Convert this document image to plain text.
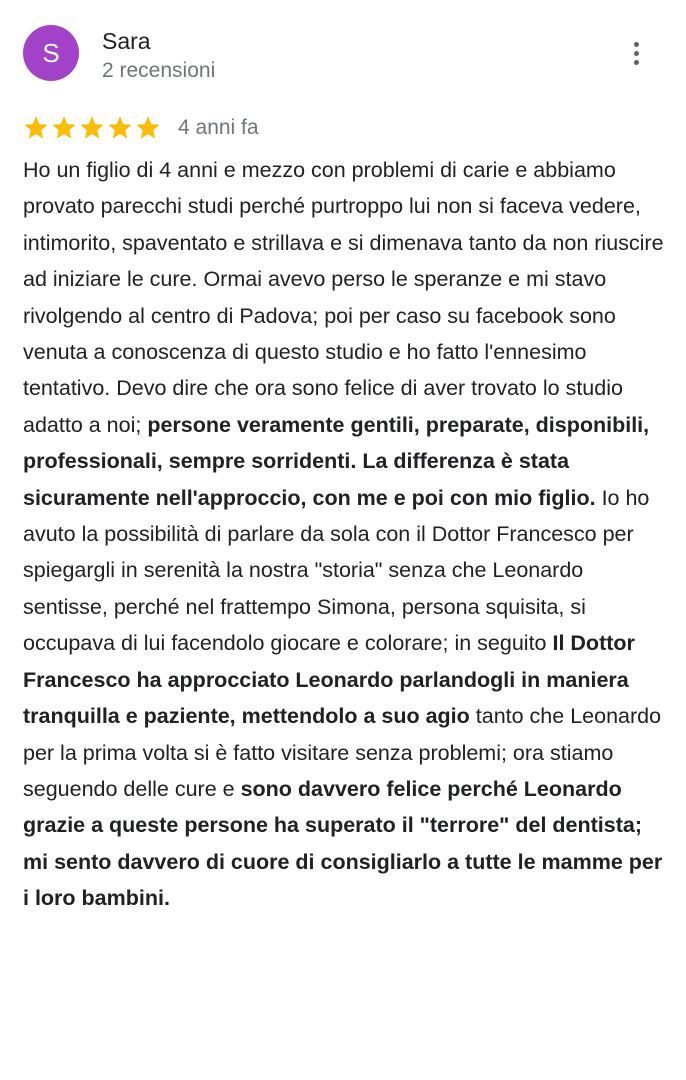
S	Sara
2 recensioni
4 anni fa
Ho un figlio di 4 anni e mezzo con problemi di carie e abbiamo provato parecchi studi perché purtroppo lui non si faceva vedere, intimorito, spaventato e strillava e si dimenava tanto da non riuscire ad iniziare le cure. Ormai avevo perso le speranze e mi stavo rivolgendo al centro di Padova; poi per caso su facebook sono venuta a conoscenza di questo studio e ho fatto l'ennesimo tentativo. Devo dire che ora sono felice di aver trovato lo studio adatto a noi; persone veramente gentili, preparate, disponibili, professionali, sempre sorridenti. La differenza è stata sicuramente nell'approccio, con me e poi con mio figlio. Io ho avuto la possibilità di parlare da sola con il Dottor Francesco per spiegargli in serenità la nostra "storia" senza che Leonardo sentisse, perché nel frattempo Simona, persona squisita, si occupava di lui facendolo giocare e colorare; in seguito Il Dottor Francesco ha approcciato Leonardo parlandogli in maniera tranquilla e paziente, mettendolo a suo agio tanto che Leonardo per la prima volta si è fatto visitare senza problemi; ora stiamo seguendo delle cure e sono davvero felice perché Leonardo grazie a queste persone ha superato il "terrore" del dentista; mi sento davvero di cuore di consigliarlo a tutte le mamme per i loro bambini.
